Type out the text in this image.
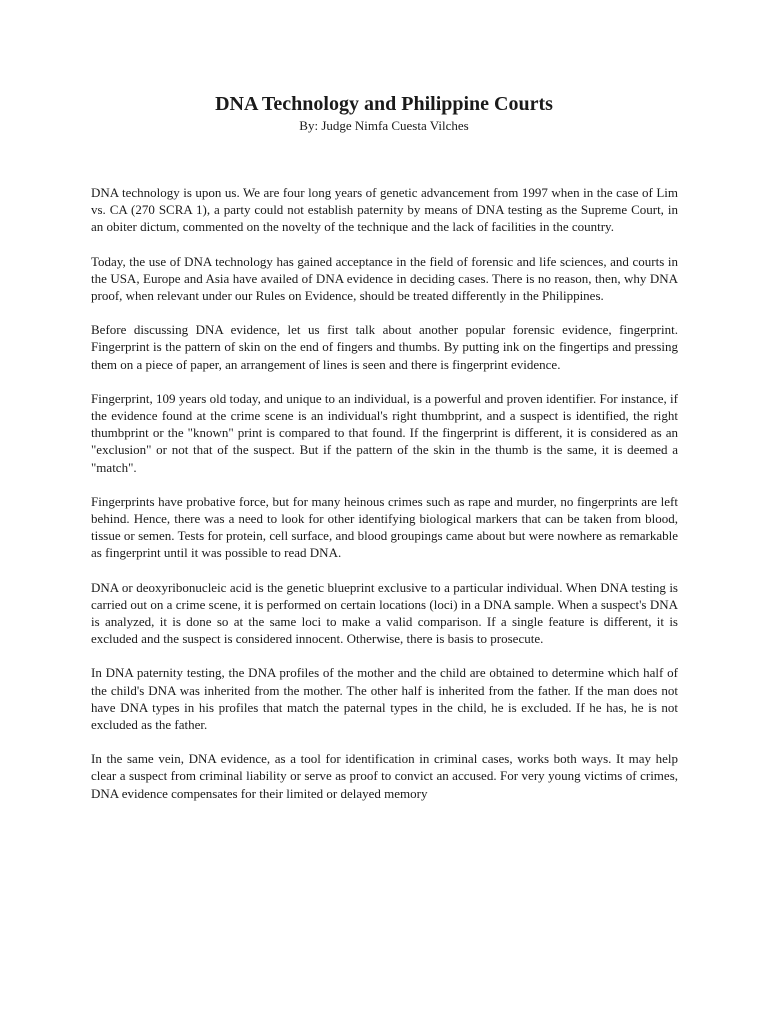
DNA Technology and Philippine Courts

By: Judge Nimfa Cuesta Vilches

DNA technology is upon us. We are four long years of genetic advancement from 1997 when in the case of Lim vs. CA (270 SCRA 1), a party could not establish paternity by means of DNA testing as the Supreme Court, in an obiter dictum, commented on the novelty of the technique and the lack of facilities in the country.

Today, the use of DNA technology has gained acceptance in the field of forensic and life sciences, and courts in the USA, Europe and Asia have availed of DNA evidence in deciding cases. There is no reason, then, why DNA proof, when relevant under our Rules on Evidence, should be treated differently in the Philippines.

Before discussing DNA evidence, let us first talk about another popular forensic evidence, fingerprint. Fingerprint is the pattern of skin on the end of fingers and thumbs. By putting ink on the fingertips and pressing them on a piece of paper, an arrangement of lines is seen and there is fingerprint evidence.

Fingerprint, 109 years old today, and unique to an individual, is a powerful and proven identifier. For instance, if the evidence found at the crime scene is an individual's right thumbprint, and a suspect is identified, the right thumbprint or the "known" print is compared to that found. If the fingerprint is different, it is considered as an "exclusion" or not that of the suspect. But if the pattern of the skin in the thumb is the same, it is deemed a "match".

Fingerprints have probative force, but for many heinous crimes such as rape and murder, no fingerprints are left behind. Hence, there was a need to look for other identifying biological markers that can be taken from blood, tissue or semen. Tests for protein, cell surface, and blood groupings came about but were nowhere as remarkable as fingerprint until it was possible to read DNA.

DNA or deoxyribonucleic acid is the genetic blueprint exclusive to a particular individual. When DNA testing is carried out on a crime scene, it is performed on certain locations (loci) in a DNA sample. When a suspect's DNA is analyzed, it is done so at the same loci to make a valid comparison. If a single feature is different, it is excluded and the suspect is considered innocent. Otherwise, there is basis to prosecute.

In DNA paternity testing, the DNA profiles of the mother and the child are obtained to determine which half of the child's DNA was inherited from the mother. The other half is inherited from the father. If the man does not have DNA types in his profiles that match the paternal types in the child, he is excluded. If he has, he is not excluded as the father.

In the same vein, DNA evidence, as a tool for identification in criminal cases, works both ways. It may help clear a suspect from criminal liability or serve as proof to convict an accused. For very young victims of crimes, DNA evidence compensates for their limited or delayed memory
